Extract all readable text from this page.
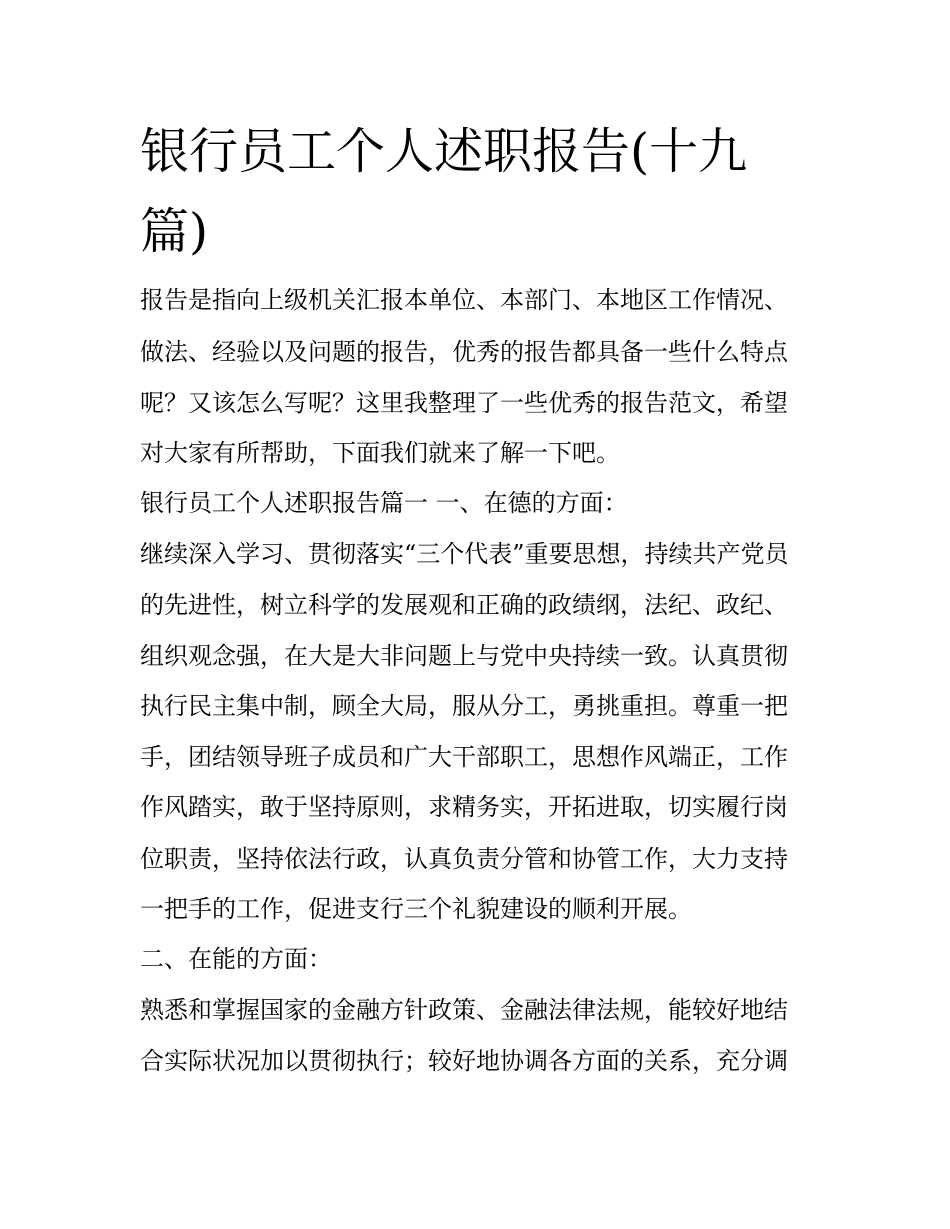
银行员工个人述职报告(十九篇)
报告是指向上级机关汇报本单位、本部门、本地区工作情况、
做法、经验以及问题的报告，优秀的报告都具备一些什么特点
呢？又该怎么写呢？这里我整理了一些优秀的报告范文，希望
对大家有所帮助，下面我们就来了解一下吧。
银行员工个人述职报告篇一 一、在德的方面：
继续深入学习、贯彻落实“三个代表”重要思想，持续共产党员
的先进性，树立科学的发展观和正确的政绩纲，法纪、政纪、
组织观念强，在大是大非问题上与党中央持续一致。认真贯彻
执行民主集中制，顾全大局，服从分工，勇挑重担。尊重一把
手，团结领导班子成员和广大干部职工，思想作风端正，工作
作风踏实，敢于坚持原则，求精务实，开拓进取，切实履行岗
位职责，坚持依法行政，认真负责分管和协管工作，大力支持
一把手的工作，促进支行三个礼貌建设的顺利开展。
二、在能的方面：
熟悉和掌握国家的金融方针政策、金融法律法规，能较好地结
合实际状况加以贯彻执行；较好地协调各方面的关系，充分调
